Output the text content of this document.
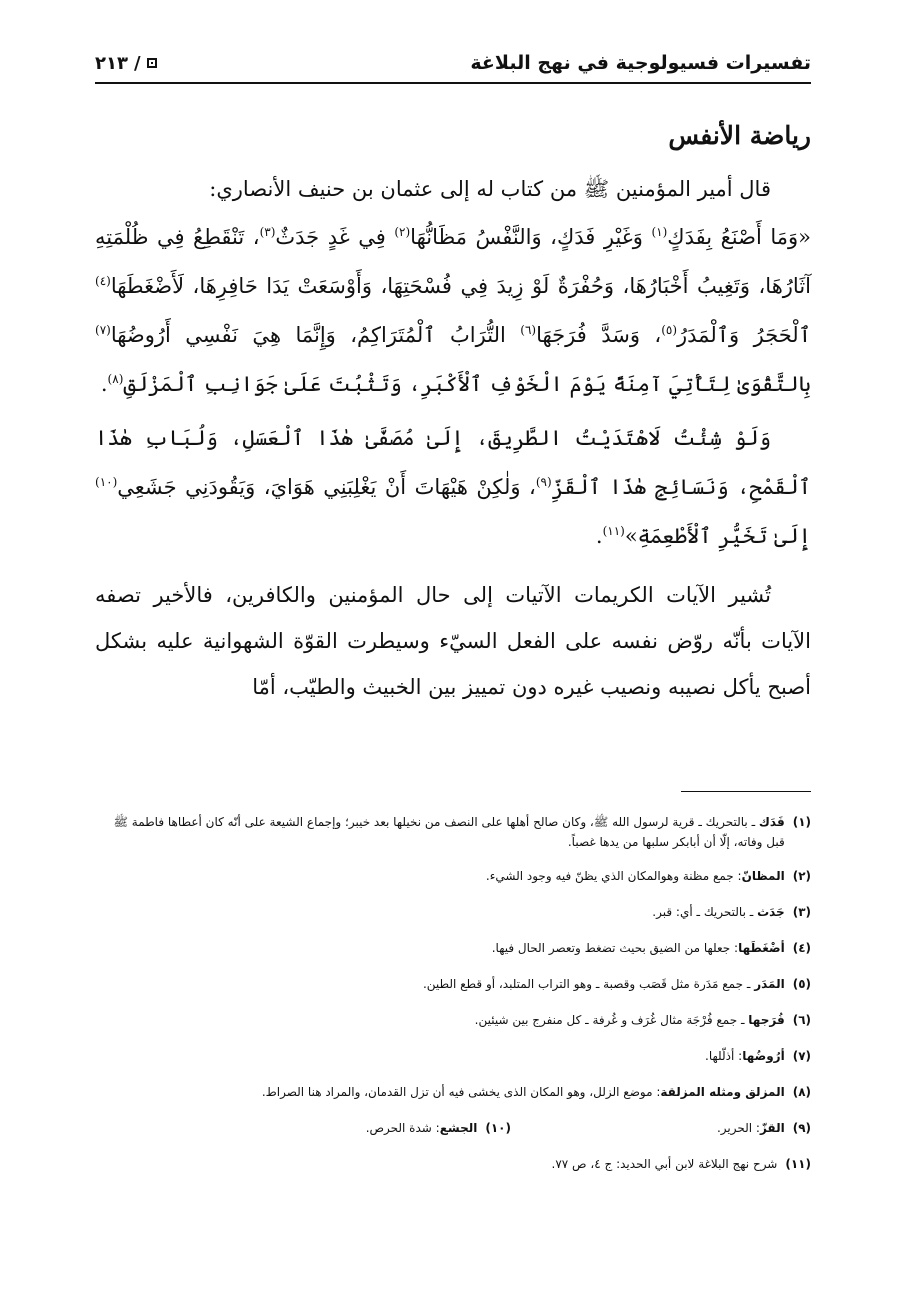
تفسيرات فسيولوجية في نهج البلاغة
/
٢١٣
رياضة الأنفس

قال أمير المؤمنين ﷺ من كتاب له إلى عثمان بن حنيف الأنصاري:

«وَمَا أَصْنَعُ بِفَدَكٍ$^{(١)}$ وَغَيْرِ فَدَكٍ، وَالنَّفْسُ مَظَانُّهَا$^{(٢)}$ فِي غَدٍ جَدَثٌ$^{(٣)}$، تَنْقَطِعُ فِي ظُلْمَتِهِ آثَارُهَا، وَتَغِيبُ أَخْبَارُهَا، وَحُفْرَةٌ لَوْ زِيدَ فِي فُسْحَتِهَا، وَأَوْسَعَتْ يَدَا حَافِرِهَا، لَأَضْغَطَهَا$^{(٤)}$ ٱلْحَجَرُ وَٱلْمَدَرُ$^{(٥)}$، وَسَدَّ فُرَجَهَا$^{(٦)}$ التُّرَابُ ٱلْمُتَرَاكِمُ، وَإِنَّمَا هِيَ نَفْسِي أَرُوضُهَا$^{(٧)}$ بِالتَّقْوَىٰ لِتَأْتِيَ آمِنَةً يَوْمَ الْخَوْفِ ٱلْأَكْبَرِ، وَتَثْبُتَ عَلَىٰ جَوَانِبِ ٱلْمَزْلَقِ$^{(٨)}$.

وَلَوْ شِئْتُ لَاهْتَدَيْتُ الطَّرِيقَ، إِلَىٰ مُصَفَّىٰ هٰذَا ٱلْعَسَلِ، وَلُبَابِ هٰذَا ٱلْقَمْحِ، وَنَسَائِجِ هٰذَا ٱلْقَزِّ$^{(٩)}$، وَلٰكِنْ هَيْهَاتَ أَنْ يَغْلِبَنِي هَوَايَ، وَيَقُودَنِي جَشَعِي$^{(١٠)}$ إِلَىٰ تَخَيُّرِ ٱلْأَطْعِمَةِ»$^{(١١)}$.

تُشير الآيات الكريمات الآتيات إلى حال المؤمنين والكافرين، فالأخير تصفه الآيات بأنّه روّض نفسه على الفعل السيّء وسيطرت القوّة الشهوانية عليه بشكل أصبح يأكل نصيبه ونصيب غيره دون تمييز بين الخبيث والطيّب، أمّا

(١)
فَدَك ـ بالتحريك ـ قرية لرسول الله ﷺ، وكان صالح أهلها على النصف من نخيلها بعد خيبر؛ وإجماع الشيعة على أنّه كان أعطاها فاطمة ﷺ قبل وفاته، إلّا أن أبابكر سلبها من يدها غصباً.
(٢)
المظانّ: جمع مظنة وهوالمكان الذي يظنّ فيه وجود الشيء.
(٣)
جَدَث ـ بالتحريك ـ أي: قبر.
(٤)
أضْغَطَها: جعلها من الضيق بحيث تضغط وتعصر الحال فيها.
(٥)
المَدَر ـ جمع مَدَرة مثل قَصَب وقصبة ـ وهو التراب المتلبد، أو قطع الطين.
(٦)
فُرَجها ـ جمع فُرْجَة مثال غُرَف و غُرفة ـ كل منفرج بين شيئين.
(٧)
أرُوضُها: أذلّلها.
(٨)
المزلق ومثله المزلقة: موضع الزلل، وهو المكان الذى يخشى فيه أن تزل القدمان، والمراد هنا الصراط.
(٩)
القزّ: الحرير.
(١٠)
الجشع: شدة الحرص.
(١١)
شرح نهج البلاغة لابن أبي الحديد: ج ٤، ص ٧٧.
